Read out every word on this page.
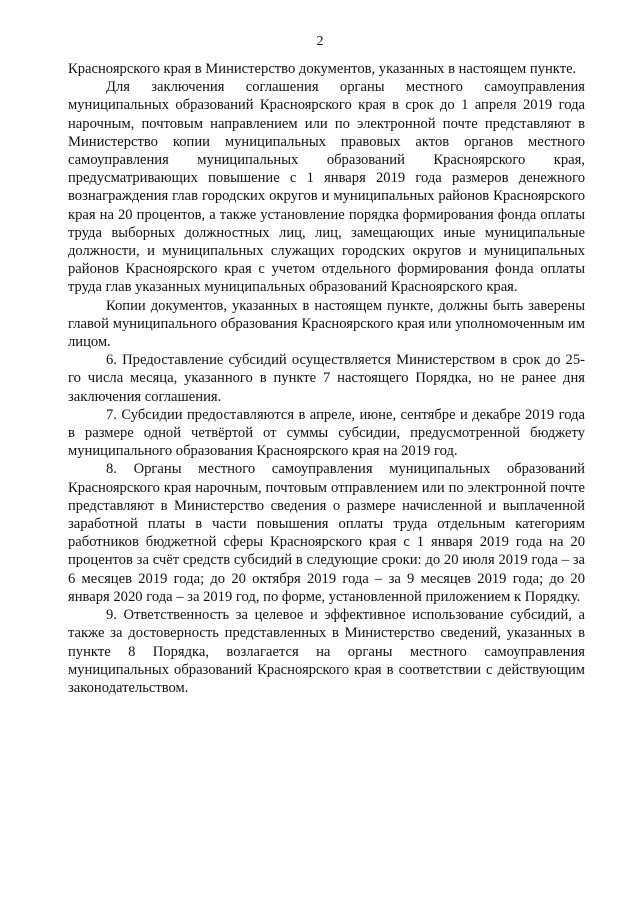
2

Красноярского края в Министерство документов, указанных в настоящем пункте.

Для заключения соглашения органы местного самоуправления муниципальных образований Красноярского края в срок до 1 апреля 2019 года нарочным, почтовым направлением или по электронной почте представляют в Министерство копии муниципальных правовых актов органов местного самоуправления муниципальных образований Красноярского края, предусматривающих повышение с 1 января 2019 года размеров денежного вознаграждения глав городских округов и муниципальных районов Красноярского края на 20 процентов, а также установление порядка формирования фонда оплаты труда выборных должностных лиц, лиц, замещающих иные муниципальные должности, и муниципальных служащих городских округов и муниципальных районов Красноярского края с учетом отдельного формирования фонда оплаты труда глав указанных муниципальных образований Красноярского края.

Копии документов, указанных в настоящем пункте, должны быть заверены главой муниципального образования Красноярского края или уполномоченным им лицом.

6. Предоставление субсидий осуществляется Министерством в срок до 25-го числа месяца, указанного в пункте 7 настоящего Порядка, но не ранее дня заключения соглашения.

7. Субсидии предоставляются в апреле, июне, сентябре и декабре 2019 года в размере одной четвёртой от суммы субсидии, предусмотренной бюджету муниципального образования Красноярского края на 2019 год.

8. Органы местного самоуправления муниципальных образований Красноярского края нарочным, почтовым отправлением или по электронной почте представляют в Министерство сведения о размере начисленной и выплаченной заработной платы в части повышения оплаты труда отдельным категориям работников бюджетной сферы Красноярского края с 1 января 2019 года на 20 процентов за счёт средств субсидий в следующие сроки: до 20 июля 2019 года – за 6 месяцев 2019 года; до 20 октября 2019 года – за 9 месяцев 2019 года; до 20 января 2020 года – за 2019 год, по форме, установленной приложением к Порядку.

9. Ответственность за целевое и эффективное использование субсидий, а также за достоверность представленных в Министерство сведений, указанных в пункте 8 Порядка, возлагается на органы местного самоуправления муниципальных образований Красноярского края в соответствии с действующим законодательством.
